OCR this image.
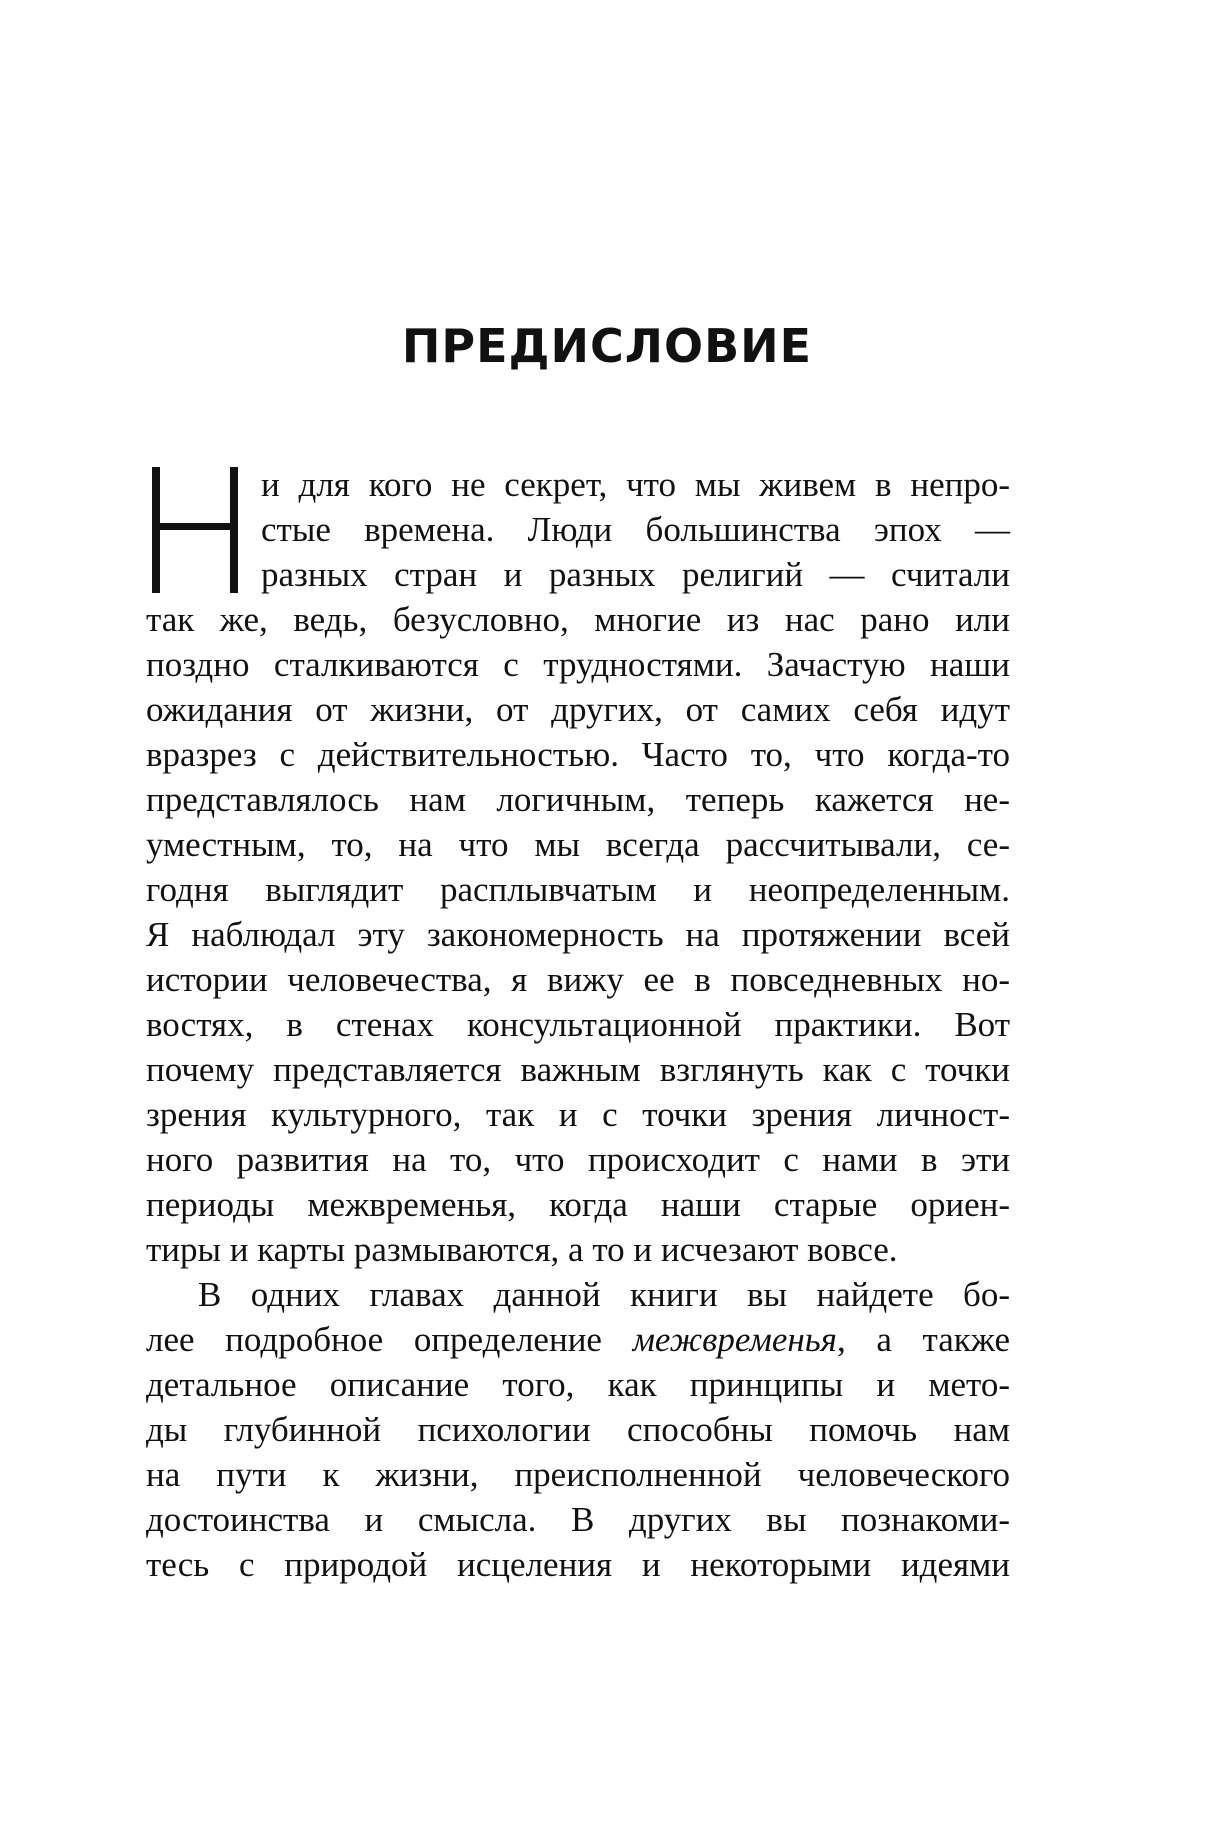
ПРЕДИСЛОВИЕ
и для кого не секрет, что мы живем в непро-
стые времена. Люди большинства эпох —
разных стран и разных религий — считали
так же, ведь, безусловно, многие из нас рано или
поздно сталкиваются с трудностями. Зачастую наши
ожидания от жизни, от других, от самих себя идут
вразрез с действительностью. Часто то, что когда-то
представлялось нам логичным, теперь кажется не-
уместным, то, на что мы всегда рассчитывали, се-
годня выглядит расплывчатым и неопределенным.
Я наблюдал эту закономерность на протяжении всей
истории человечества, я вижу ее в повседневных но-
востях, в стенах консультационной практики. Вот
почему представляется важным взглянуть как с точки
зрения культурного, так и с точки зрения личност-
ного развития на то, что происходит с нами в эти
периоды межвременья, когда наши старые ориен-
тиры и карты размываются, а то и исчезают вовсе.
В одних главах данной книги вы найдете бо-
лее подробное определение межвременья, а также
детальное описание того, как принципы и мето-
ды глубинной психологии способны помочь нам
на пути к жизни, преисполненной человеческого
достоинства и смысла. В других вы познакоми-
тесь с природой исцеления и некоторыми идеями
